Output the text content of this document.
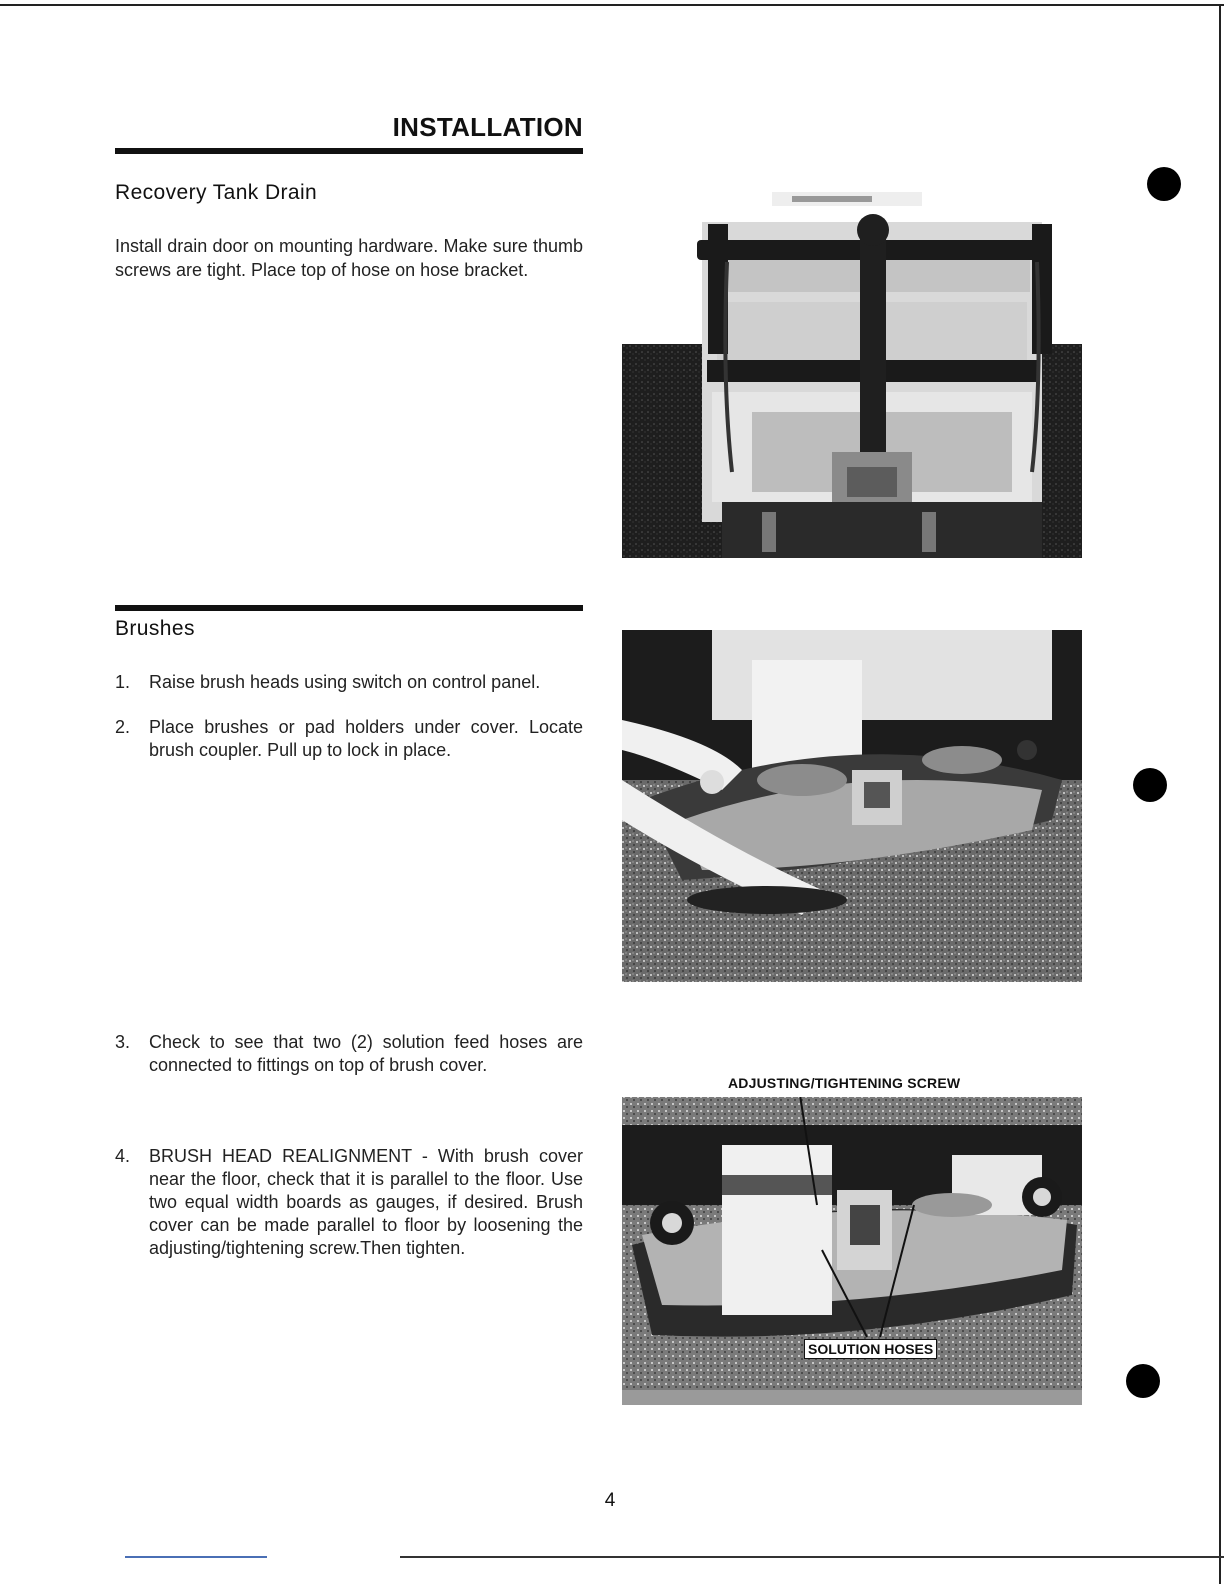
INSTALLATION
Recovery Tank Drain
Install drain door on mounting hardware. Make sure thumb screws are tight. Place top of hose on hose bracket.
Brushes
1.	Raise brush heads using switch on control panel.
2.	Place brushes or pad holders under cover. Locate brush coupler. Pull up to lock in place.
3.	Check to see that two (2) solution feed hoses are connected to fittings on top of brush cover.
4.	BRUSH HEAD REALIGNMENT - With brush cover near the floor, check that it is parallel to the floor. Use two equal width boards as gauges, if desired. Brush cover can be made parallel to floor by loosening the adjusting/tightening screw.Then tighten.
ADJUSTING/TIGHTENING SCREW
SOLUTION HOSES
4
